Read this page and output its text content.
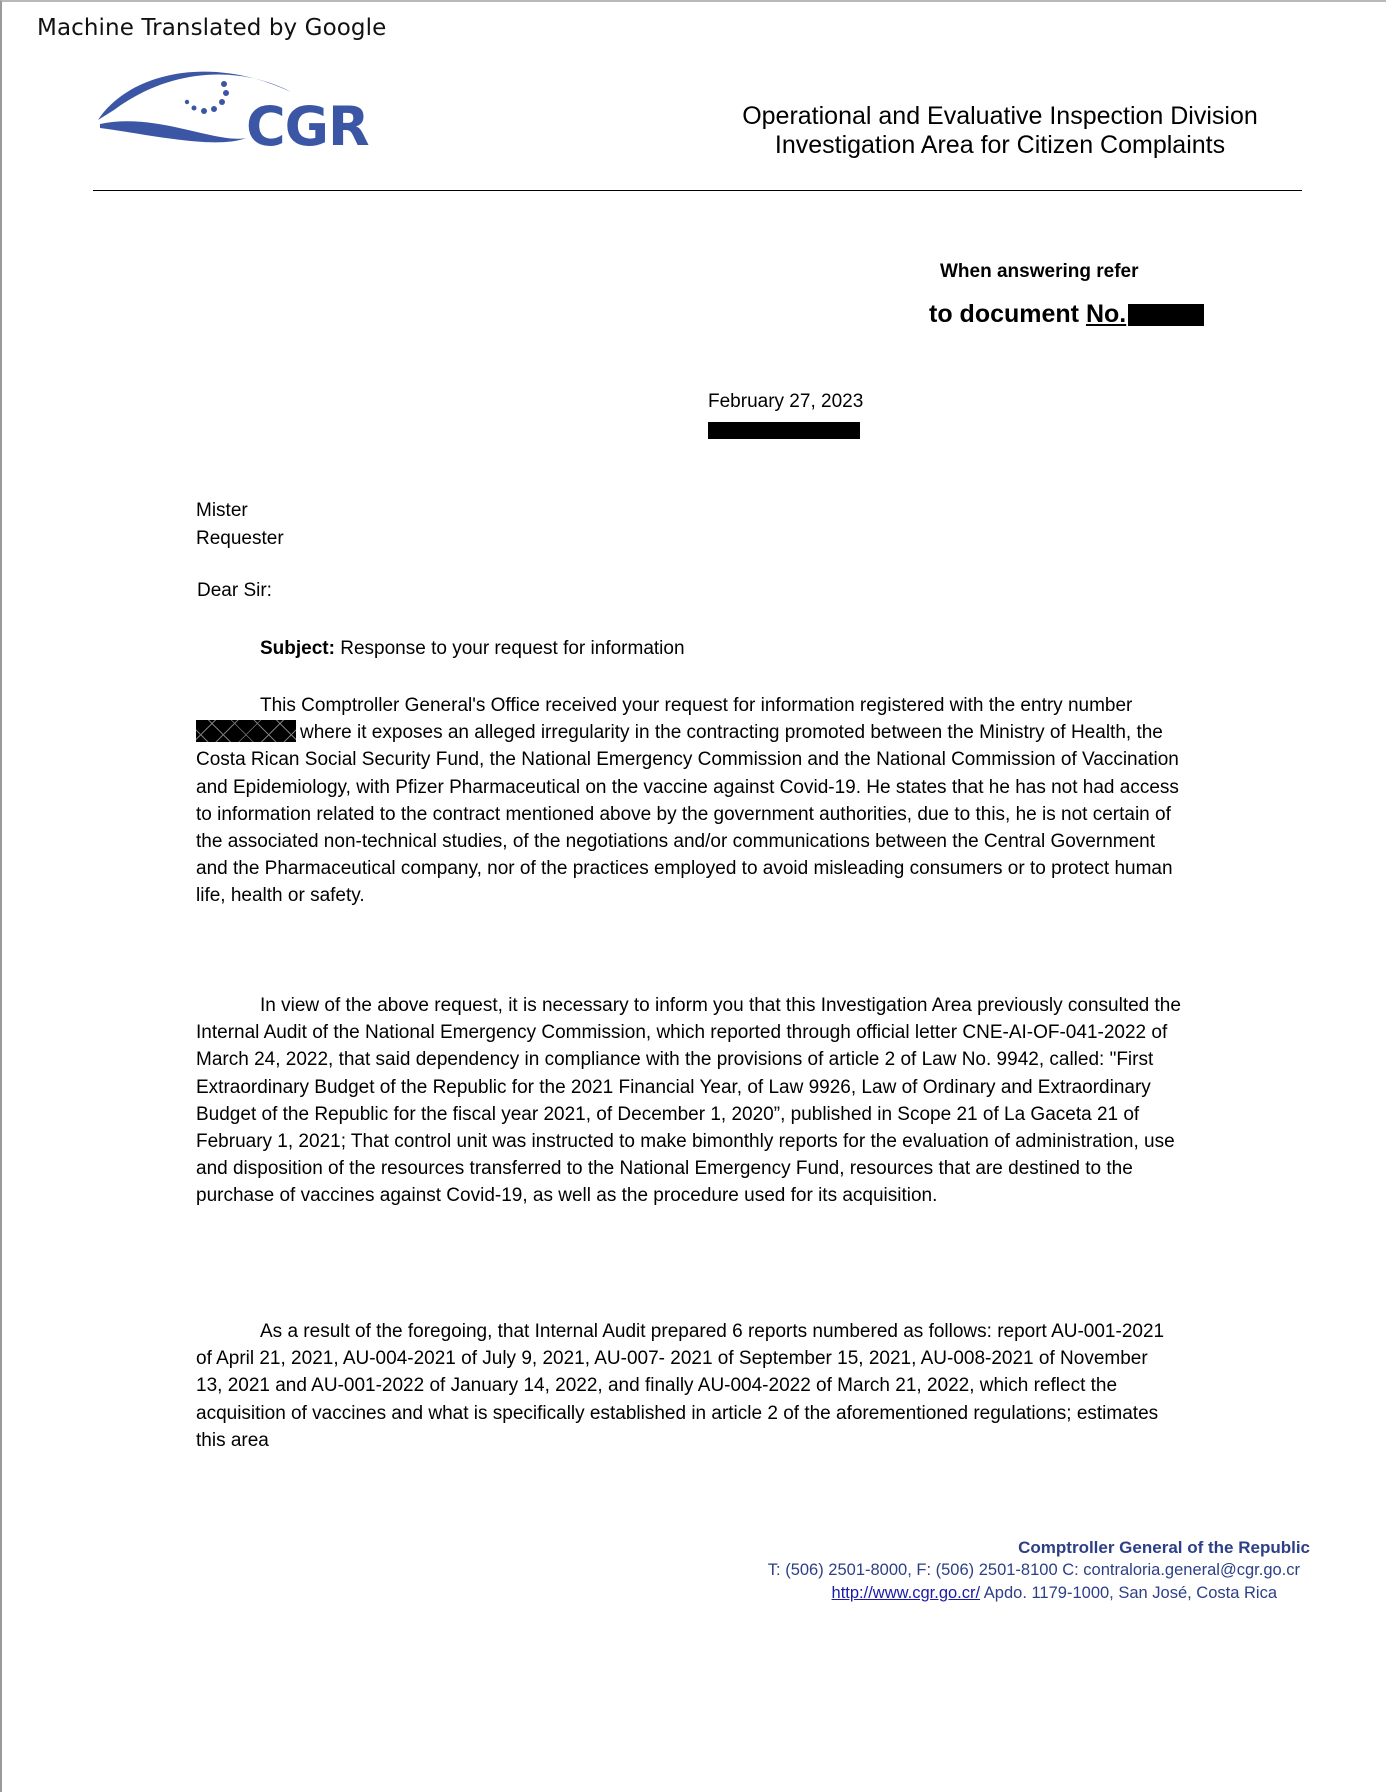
Machine Translated by Google
CGR	Operational and Evaluative Inspection Division
Investigation Area for Citizen Complaints
When answering refer
to document No.
February 27, 2023
Mister
Requester
Dear Sir:
Subject: Response to your request for information
This Comptroller General's Office received your request for information registered with the entry number
where it exposes an alleged irregularity in the contracting promoted between the Ministry of Health, the
Costa Rican Social Security Fund, the National Emergency Commission and the National Commission of Vaccination
and Epidemiology, with Pfizer Pharmaceutical on the vaccine against Covid-19. He states that he has not had access
to information related to the contract mentioned above by the government authorities, due to this, he is not certain of
the associated non-technical studies, of the negotiations and/or communications between the Central Government
and the Pharmaceutical company, nor of the practices employed to avoid misleading consumers or to protect human
life, health or safety.
In view of the above request, it is necessary to inform you that this Investigation Area previously consulted the
Internal Audit of the National Emergency Commission, which reported through official letter CNE-AI-OF-041-2022 of
March 24, 2022, that said dependency in compliance with the provisions of article 2 of Law No. 9942, called: "First
Extraordinary Budget of the Republic for the 2021 Financial Year, of Law 9926, Law of Ordinary and Extraordinary
Budget of the Republic for the fiscal year 2021, of December 1, 2020”, published in Scope 21 of La Gaceta 21 of
February 1, 2021; That control unit was instructed to make bimonthly reports for the evaluation of administration, use
and disposition of the resources transferred to the National Emergency Fund, resources that are destined to the
purchase of vaccines against Covid-19, as well as the procedure used for its acquisition.
As a result of the foregoing, that Internal Audit prepared 6 reports numbered as follows: report AU-001-2021
of April 21, 2021, AU-004-2021 of July 9, 2021, AU-007- 2021 of September 15, 2021, AU-008-2021 of November
13, 2021 and AU-001-2022 of January 14, 2022, and finally AU-004-2022 of March 21, 2022, which reflect the
acquisition of vaccines and what is specifically established in article 2 of the aforementioned regulations; estimates
this area
Comptroller General of the Republic
T: (506) 2501-8000, F: (506) 2501-8100 C: contraloria.general@cgr.go.cr
http://www.cgr.go.cr/ Apdo. 1179-1000, San José, Costa Rica
